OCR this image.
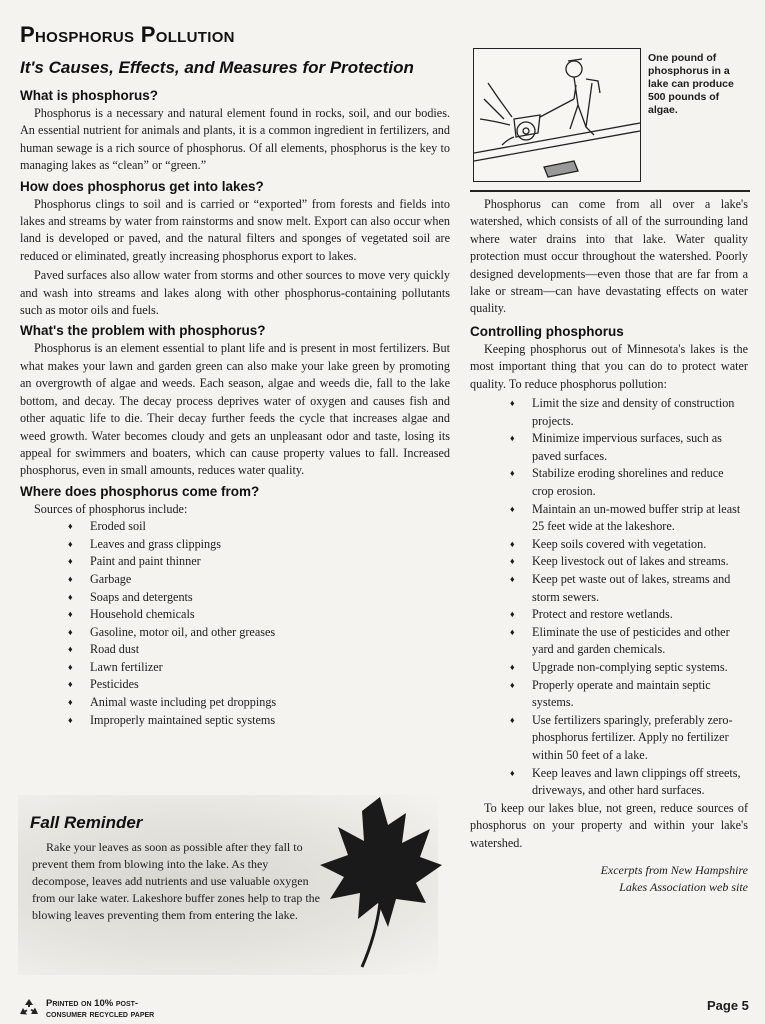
Phosphorus Pollution
It's Causes, Effects, and Measures for Protection
What is phosphorus?

Phosphorus is a necessary and natural element found in rocks, soil, and our bodies. An essential nutrient for animals and plants, it is a common ingredient in fertilizers, and human sewage is a rich source of phosphorus. Of all elements, phosphorus is the key to managing lakes as “clean” or “green.”

How does phosphorus get into lakes?

Phosphorus clings to soil and is carried or “exported” from forests and fields into lakes and streams by water from rainstorms and snow melt. Export can also occur when land is developed or paved, and the natural filters and sponges of vegetated soil are reduced or eliminated, greatly increasing phosphorus export to lakes.

Paved surfaces also allow water from storms and other sources to move very quickly and wash into streams and lakes along with other phosphorus-containing pollutants such as motor oils and fuels.

What's the problem with phosphorus?

Phosphorus is an element essential to plant life and is present in most fertilizers. But what makes your lawn and garden green can also make your lake green by promoting an overgrowth of algae and weeds. Each season, algae and weeds die, fall to the lake bottom, and decay. The decay process deprives water of oxygen and causes fish and other aquatic life to die. Their decay further feeds the cycle that increases algae and weed growth. Water becomes cloudy and gets an unpleasant odor and taste, losing its appeal for swimmers and boaters, which can cause property values to fall. Increased phosphorus, even in small amounts, reduces water quality.

Where does phosphorus come from?
Sources of phosphorus include:
♦ Eroded soil
♦ Leaves and grass clippings
♦ Paint and paint thinner
♦ Garbage
♦ Soaps and detergents
♦ Household chemicals
♦ Gasoline, motor oil, and other greases
♦ Road dust
♦ Lawn fertilizer
♦ Pesticides
♦ Animal waste including pet droppings
♦ Improperly maintained septic systems
One pound of phosphorus in a lake can produce 500 pounds of algae.

Phosphorus can come from all over a lake's watershed, which consists of all of the surrounding land where water drains into that lake. Water quality protection must occur throughout the watershed. Poorly designed developments—even those that are far from a lake or stream—can have devastating effects on water quality.

Controlling phosphorus

Keeping phosphorus out of Minnesota's lakes is the most important thing that you can do to protect water quality. To reduce phosphorus pollution:

♦ Limit the size and density of construction projects.
♦ Minimize impervious surfaces, such as paved surfaces.
♦ Stabilize eroding shorelines and reduce crop erosion.
♦ Maintain an un-mowed buffer strip at least 25 feet wide at the lakeshore.
♦ Keep soils covered with vegetation.
♦ Keep livestock out of lakes and streams.
♦ Keep pet waste out of lakes, streams and storm sewers.
♦ Protect and restore wetlands.
♦ Eliminate the use of pesticides and other yard and garden chemicals.
♦ Upgrade non-complying septic systems.
♦ Properly operate and maintain septic systems.
♦ Use fertilizers sparingly, preferably zero-phosphorus fertilizer. Apply no fertilizer within 50 feet of a lake.
♦ Keep leaves and lawn clippings off streets, driveways, and other hard surfaces.

To keep our lakes blue, not green, reduce sources of phosphorus on your property and within your lake's watershed.

Excerpts from New Hampshire
Lakes Association web site
Fall Reminder

Rake your leaves as soon as possible after they fall to prevent them from blowing into the lake. As they decompose, leaves add nutrients and use valuable oxygen from our lake water. Lakeshore buffer zones help to trap the blowing leaves preventing them from entering the lake.

Printed on 10% post-
consumer recycled paper
Page 5
